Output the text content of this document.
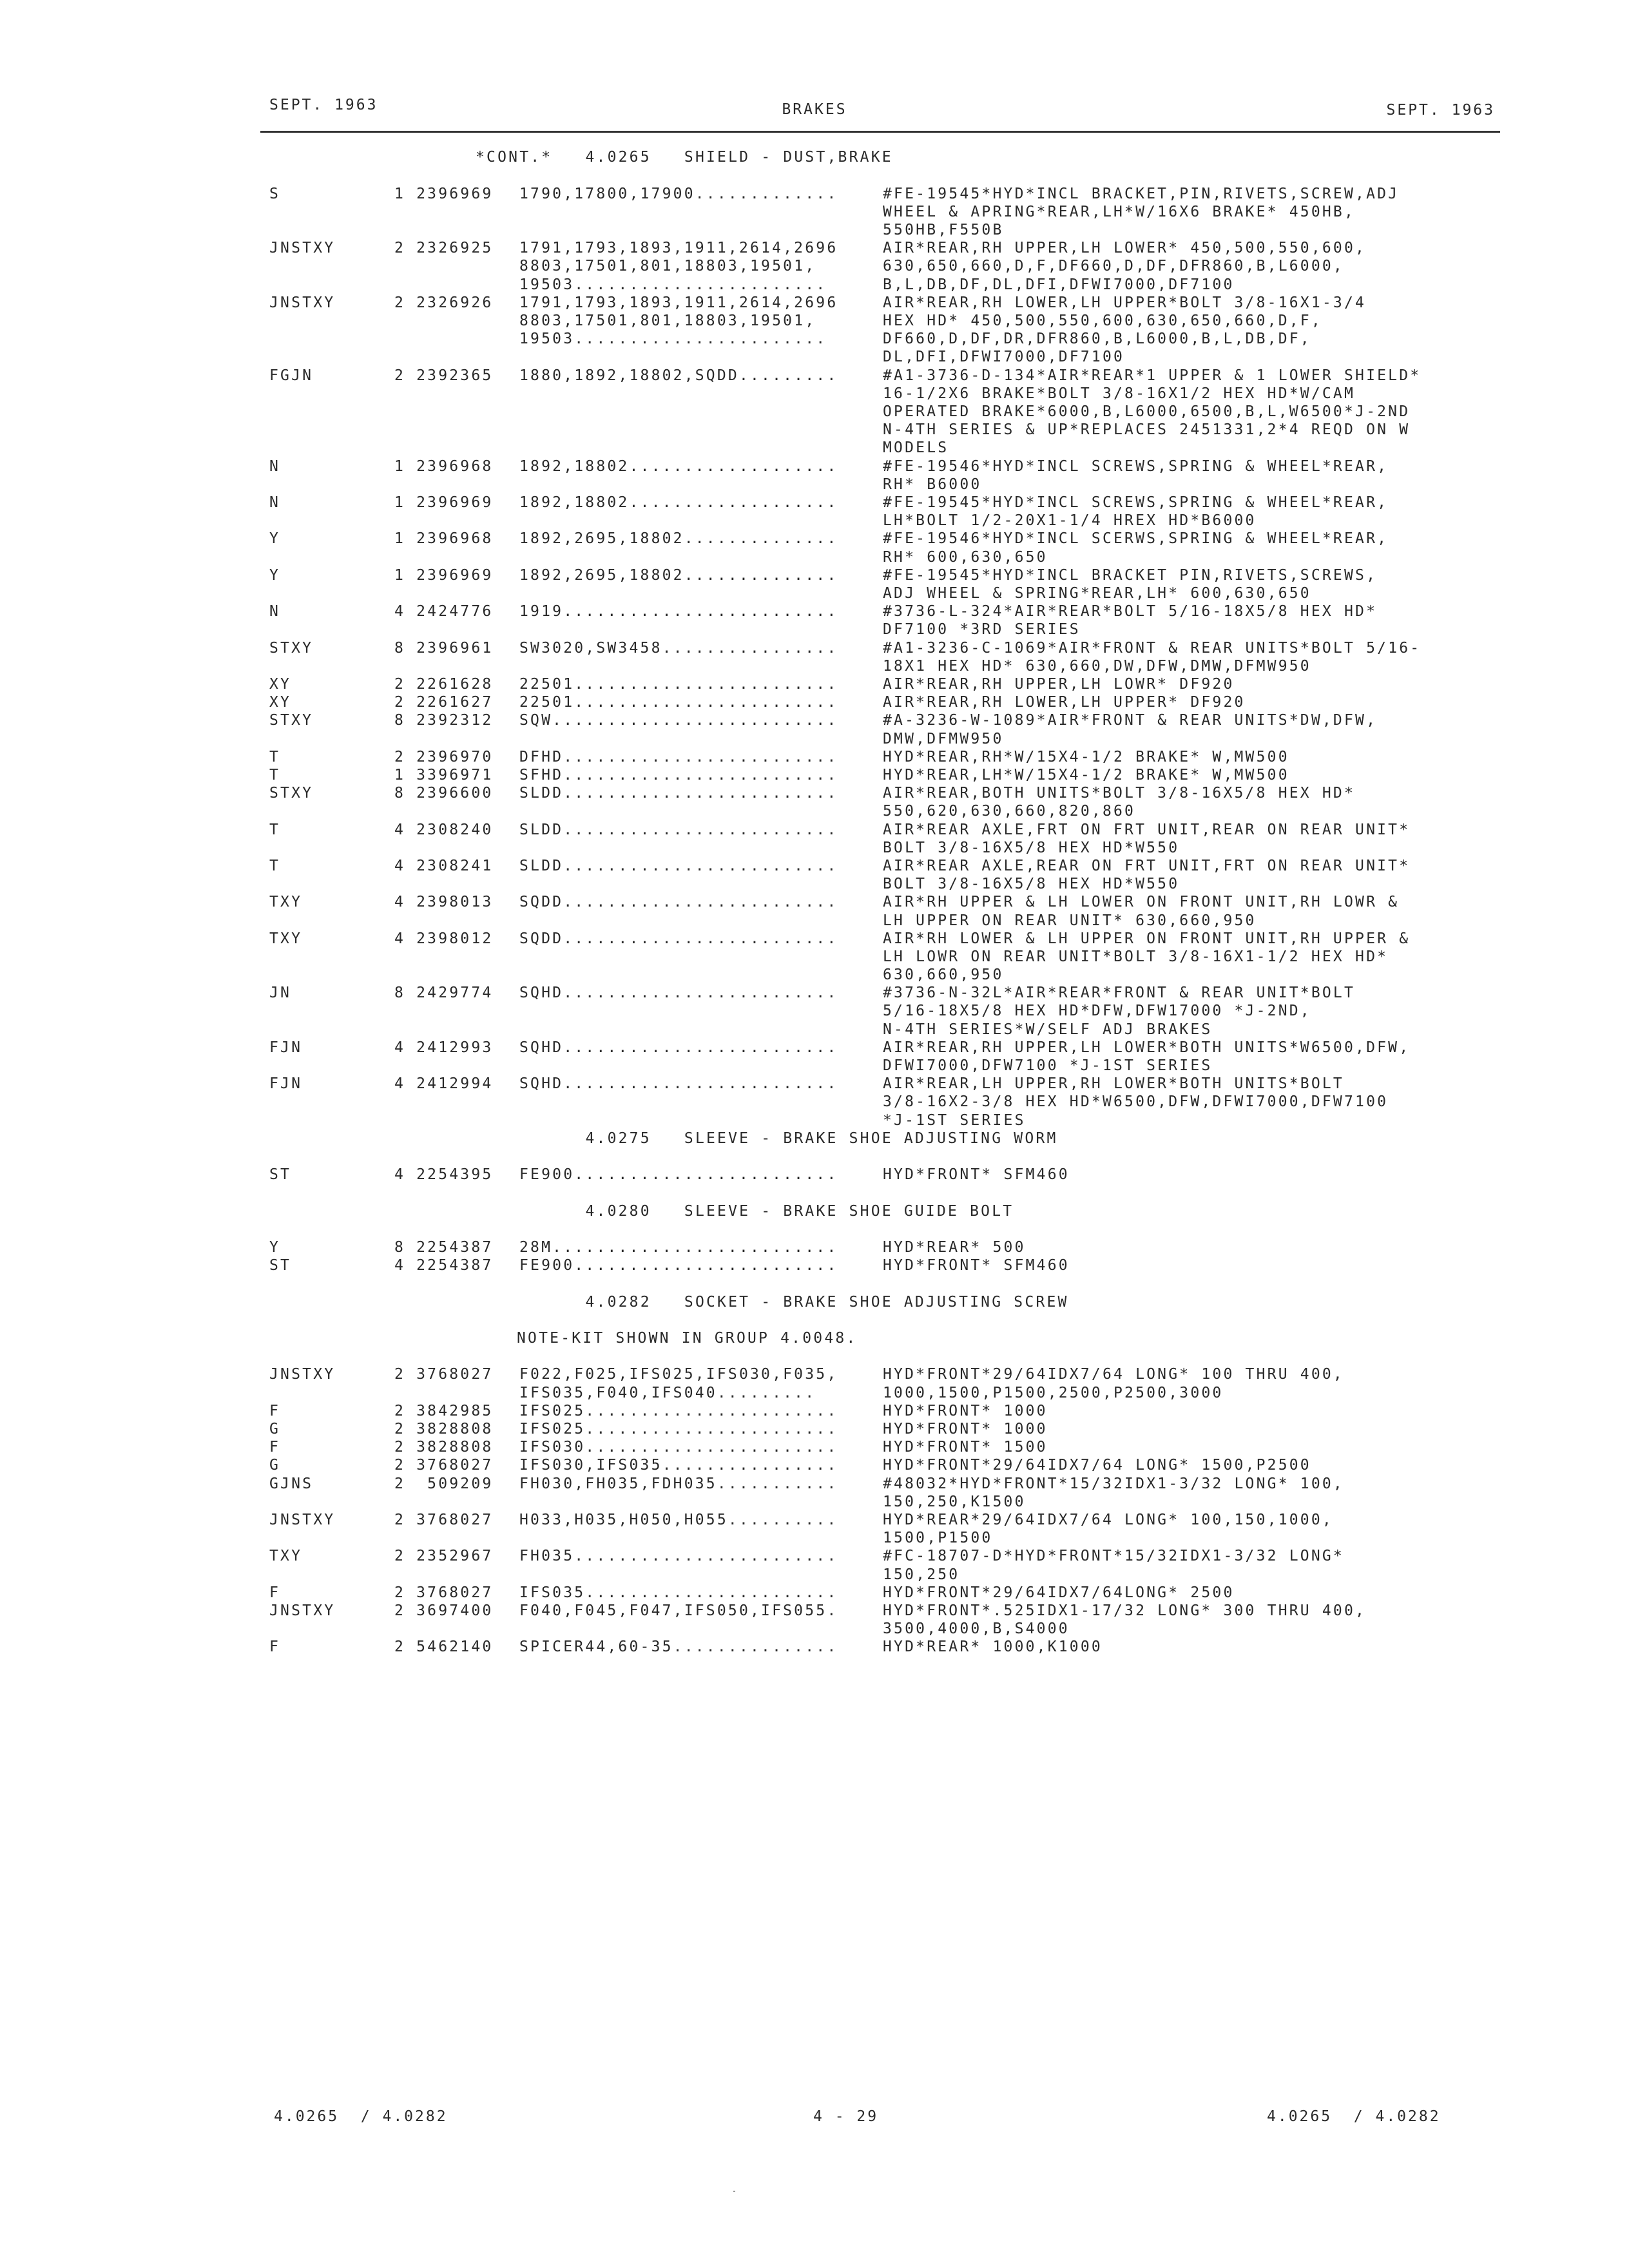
SEPT. 1963	BRAKES	SEPT. 1963
*CONT.*   4.0265   SHIELD - DUST,BRAKE
S	1 2396969	1790,17800,17900.............	#FE-19545*HYD*INCL BRACKET,PIN,RIVETS,SCREW,ADJ
WHEEL & APRING*REAR,LH*W/16X6 BRAKE* 450HB,
550HB,F550B
JNSTXY	2 2326925	1791,1793,1893,1911,2614,2696	AIR*REAR,RH UPPER,LH LOWER* 450,500,550,600,
8803,17501,801,18803,19501,	630,650,660,D,F,DF660,D,DF,DFR860,B,L6000,
19503.......................	B,L,DB,DF,DL,DFI,DFWI7000,DF7100
JNSTXY	2 2326926	1791,1793,1893,1911,2614,2696	AIR*REAR,RH LOWER,LH UPPER*BOLT 3/8-16X1-3/4
8803,17501,801,18803,19501,	HEX HD* 450,500,550,600,630,650,660,D,F,
19503.......................	DF660,D,DF,DR,DFR860,B,L6000,B,L,DB,DF,
DL,DFI,DFWI7000,DF7100
FGJN	2 2392365	1880,1892,18802,SQDD.........	#A1-3736-D-134*AIR*REAR*1 UPPER & 1 LOWER SHIELD*
16-1/2X6 BRAKE*BOLT 3/8-16X1/2 HEX HD*W/CAM
OPERATED BRAKE*6000,B,L6000,6500,B,L,W6500*J-2ND
N-4TH SERIES & UP*REPLACES 2451331,2*4 REQD ON W
MODELS
N	1 2396968	1892,18802...................	#FE-19546*HYD*INCL SCREWS,SPRING & WHEEL*REAR,
RH* B6000
N	1 2396969	1892,18802...................	#FE-19545*HYD*INCL SCREWS,SPRING & WHEEL*REAR,
LH*BOLT 1/2-20X1-1/4 HREX HD*B6000
Y	1 2396968	1892,2695,18802..............	#FE-19546*HYD*INCL SCERWS,SPRING & WHEEL*REAR,
RH* 600,630,650
Y	1 2396969	1892,2695,18802..............	#FE-19545*HYD*INCL BRACKET PIN,RIVETS,SCREWS,
ADJ WHEEL & SPRING*REAR,LH* 600,630,650
N	4 2424776	1919.........................	#3736-L-324*AIR*REAR*BOLT 5/16-18X5/8 HEX HD*
DF7100 *3RD SERIES
STXY	8 2396961	SW3020,SW3458................	#A1-3236-C-1069*AIR*FRONT & REAR UNITS*BOLT 5/16-
18X1 HEX HD* 630,660,DW,DFW,DMW,DFMW950
XY	2 2261628	22501........................	AIR*REAR,RH UPPER,LH LOWR* DF920
XY	2 2261627	22501........................	AIR*REAR,RH LOWER,LH UPPER* DF920
STXY	8 2392312	SQW..........................	#A-3236-W-1089*AIR*FRONT & REAR UNITS*DW,DFW,
DMW,DFMW950
T	2 2396970	DFHD.........................	HYD*REAR,RH*W/15X4-1/2 BRAKE* W,MW500
T	1 3396971	SFHD.........................	HYD*REAR,LH*W/15X4-1/2 BRAKE* W,MW500
STXY	8 2396600	SLDD.........................	AIR*REAR,BOTH UNITS*BOLT 3/8-16X5/8 HEX HD*
550,620,630,660,820,860
T	4 2308240	SLDD.........................	AIR*REAR AXLE,FRT ON FRT UNIT,REAR ON REAR UNIT*
BOLT 3/8-16X5/8 HEX HD*W550
T	4 2308241	SLDD.........................	AIR*REAR AXLE,REAR ON FRT UNIT,FRT ON REAR UNIT*
BOLT 3/8-16X5/8 HEX HD*W550
TXY	4 2398013	SQDD.........................	AIR*RH UPPER & LH LOWER ON FRONT UNIT,RH LOWR &
LH UPPER ON REAR UNIT* 630,660,950
TXY	4 2398012	SQDD.........................	AIR*RH LOWER & LH UPPER ON FRONT UNIT,RH UPPER &
LH LOWR ON REAR UNIT*BOLT 3/8-16X1-1/2 HEX HD*
630,660,950
JN	8 2429774	SQHD.........................	#3736-N-32L*AIR*REAR*FRONT & REAR UNIT*BOLT
5/16-18X5/8 HEX HD*DFW,DFW17000 *J-2ND,
N-4TH SERIES*W/SELF ADJ BRAKES
FJN	4 2412993	SQHD.........................	AIR*REAR,RH UPPER,LH LOWER*BOTH UNITS*W6500,DFW,
DFWI7000,DFW7100 *J-1ST SERIES
FJN	4 2412994	SQHD.........................	AIR*REAR,LH UPPER,RH LOWER*BOTH UNITS*BOLT
3/8-16X2-3/8 HEX HD*W6500,DFW,DFWI7000,DFW7100
*J-1ST SERIES
4.0275   SLEEVE - BRAKE SHOE ADJUSTING WORM
ST	4 2254395	FE900........................	HYD*FRONT* SFM460
4.0280   SLEEVE - BRAKE SHOE GUIDE BOLT
Y	8 2254387	28M..........................	HYD*REAR* 500
ST	4 2254387	FE900........................	HYD*FRONT* SFM460
4.0282   SOCKET - BRAKE SHOE ADJUSTING SCREW
NOTE-KIT SHOWN IN GROUP 4.0048.
JNSTXY	2 3768027	F022,F025,IFS025,IFS030,F035,	HYD*FRONT*29/64IDX7/64 LONG* 100 THRU 400,
IFS035,F040,IFS040.........	1000,1500,P1500,2500,P2500,3000
F	2 3842985	IFS025.......................	HYD*FRONT* 1000
G	2 3828808	IFS025.......................	HYD*FRONT* 1000
F	2 3828808	IFS030.......................	HYD*FRONT* 1500
G	2 3768027	IFS030,IFS035................	HYD*FRONT*29/64IDX7/64 LONG* 1500,P2500
GJNS	2  509209	FH030,FH035,FDH035...........	#48032*HYD*FRONT*15/32IDX1-3/32 LONG* 100,
150,250,K1500
JNSTXY	2 3768027	H033,H035,H050,H055..........	HYD*REAR*29/64IDX7/64 LONG* 100,150,1000,
1500,P1500
TXY	2 2352967	FH035........................	#FC-18707-D*HYD*FRONT*15/32IDX1-3/32 LONG*
150,250
F	2 3768027	IFS035.......................	HYD*FRONT*29/64IDX7/64LONG* 2500
JNSTXY	2 3697400	F040,F045,F047,IFS050,IFS055.	HYD*FRONT*.525IDX1-17/32 LONG* 300 THRU 400,
3500,4000,B,S4000
F	2 5462140	SPICER44,60-35...............	HYD*REAR* 1000,K1000
4.0265  / 4.0282	4 - 29	4.0265  / 4.0282
